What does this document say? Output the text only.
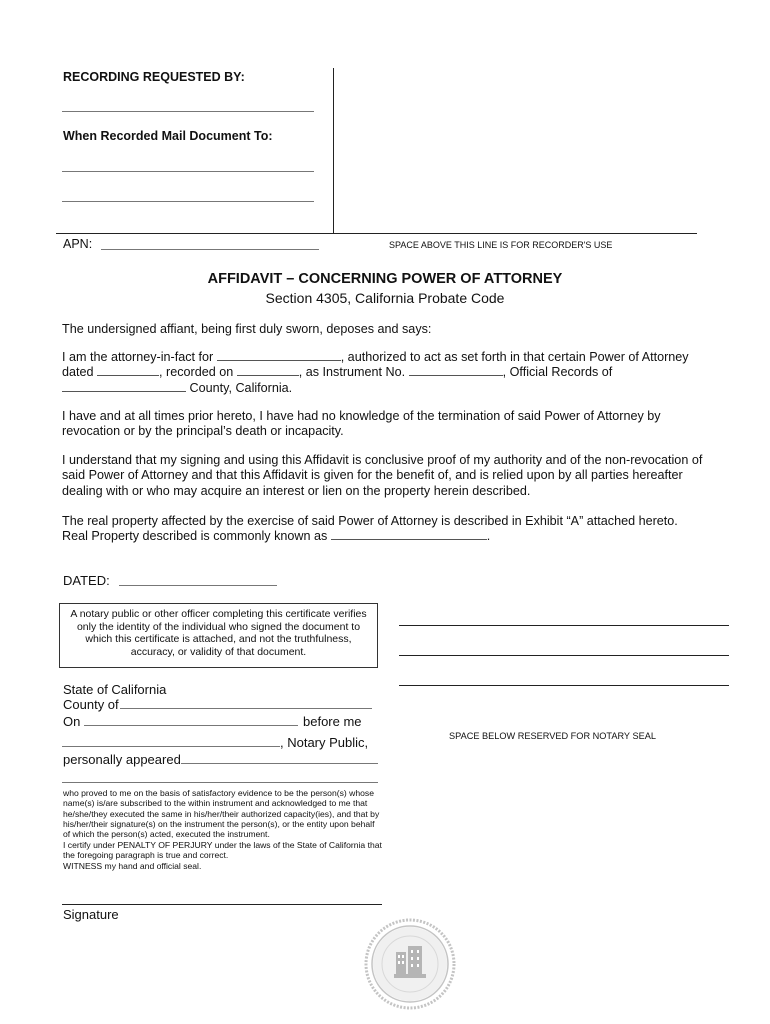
RECORDING REQUESTED BY:
When Recorded Mail Document To:
APN:	SPACE ABOVE THIS LINE IS FOR RECORDER'S USE
AFFIDAVIT – CONCERNING POWER OF ATTORNEY
Section 4305, California Probate Code
The undersigned affiant, being first duly sworn, deposes and says:
I am the attorney-in-fact for	, authorized to act as set forth in that certain Power of Attorney
dated	, recorded on	, as Instrument No.	, Official Records of
County, California.
I have and at all times prior hereto, I have had no knowledge of the termination of said Power of Attorney by revocation or by the principal’s death or incapacity.
I understand that my signing and using this Affidavit is conclusive proof of my authority and of the non-revocation of said Power of Attorney and that this Affidavit is given for the benefit of, and is relied upon by all parties hereafter dealing with or who may acquire an interest or lien on the property herein described.
The real property affected by the exercise of said Power of Attorney is described in Exhibit “A” attached hereto.
Real Property described is commonly known as	.
DATED:
A notary public or other officer completing this certificate verifies only the identity of the individual who signed the document to which this certificate is attached, and not the truthfulness, accuracy, or validity of that document.
State of California
County of
On	before me
, Notary Public,
personally appeared
who proved to me on the basis of satisfactory evidence to be the person(s) whose name(s) is/are subscribed to the within instrument and acknowledged to me that he/she/they executed the same in his/her/their authorized capacity(ies), and that by his/her/their signature(s) on the instrument the person(s), or the entity upon behalf of which the person(s) acted, executed the instrument.
I certify under PENALTY OF PERJURY under the laws of the State of California that the foregoing paragraph is true and correct.
WITNESS my hand and official seal.
Signature
SPACE BELOW RESERVED FOR NOTARY SEAL
